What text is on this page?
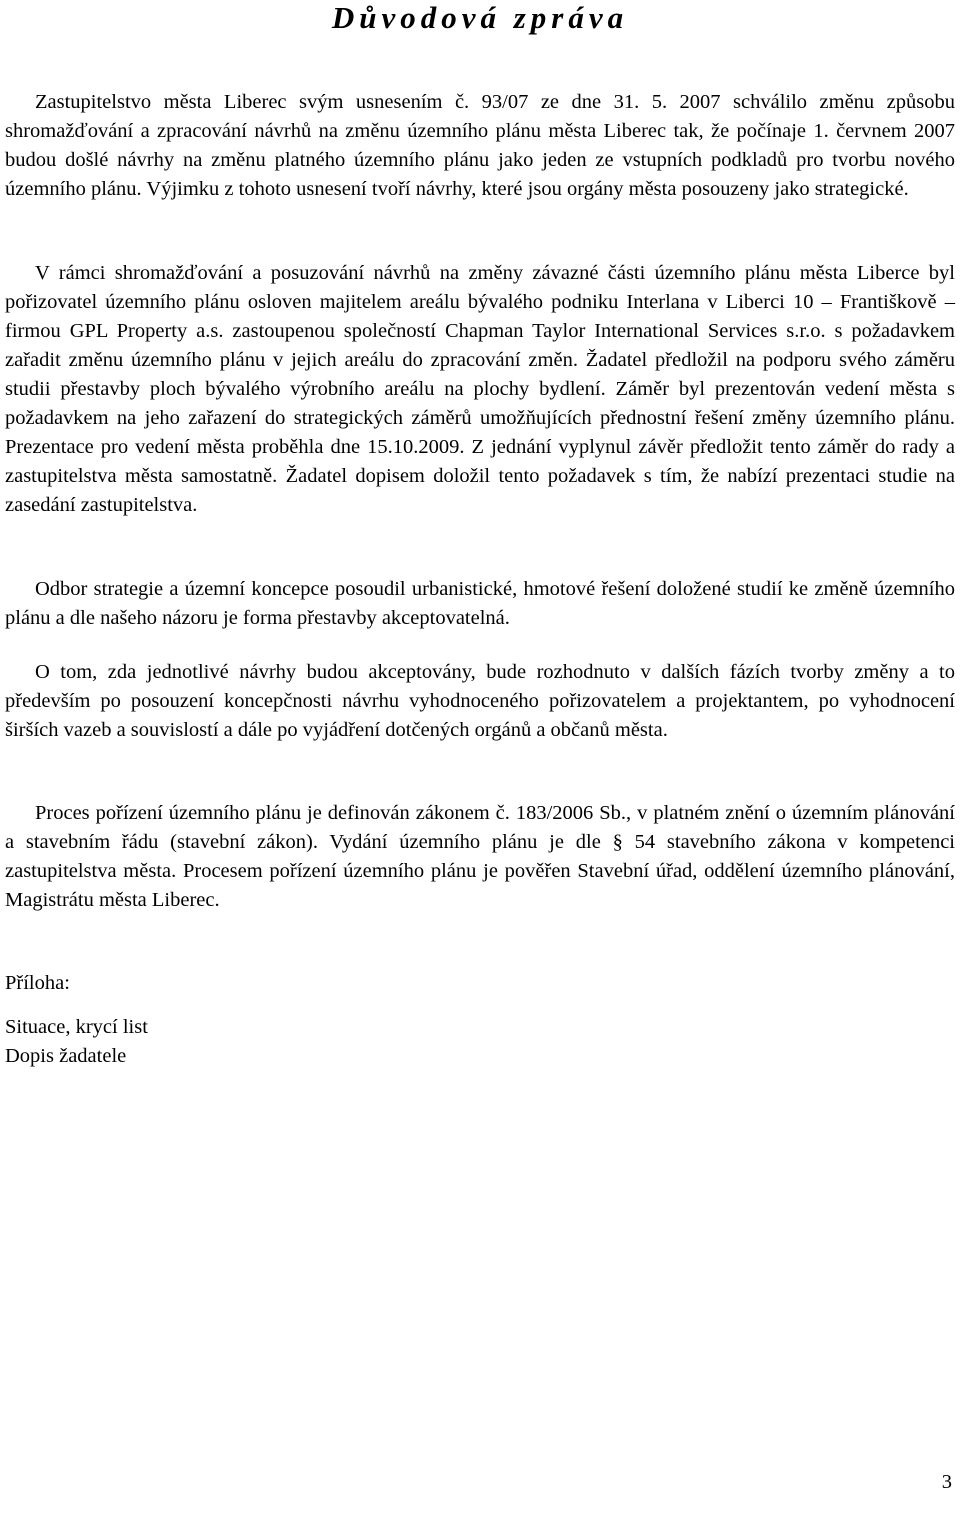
Důvodová zpráva

Zastupitelstvo města Liberec svým usnesením č. 93/07 ze dne 31. 5. 2007 schválilo změnu způsobu shromažďování a zpracování návrhů na změnu územního plánu města Liberec tak, že počínaje 1. červnem 2007 budou došlé návrhy na změnu platného územního plánu jako jeden ze vstupních podkladů pro tvorbu nového územního plánu. Výjimku z tohoto usnesení tvoří návrhy, které jsou orgány města posouzeny jako strategické.

V rámci shromažďování a posuzování návrhů na změny závazné části územního plánu města Liberce byl pořizovatel územního plánu osloven majitelem areálu bývalého podniku Interlana v Liberci 10 – Františkově – firmou GPL Property a.s. zastoupenou společností Chapman Taylor International Services s.r.o. s požadavkem zařadit změnu územního plánu v jejich areálu do zpracování změn. Žadatel předložil na podporu svého záměru studii přestavby ploch bývalého výrobního areálu na plochy bydlení. Záměr byl prezentován vedení města s požadavkem na jeho zařazení do strategických záměrů umožňujících přednostní řešení změny územního plánu. Prezentace pro vedení města proběhla dne 15.10.2009. Z jednání vyplynul závěr předložit tento záměr do rady a zastupitelstva města samostatně. Žadatel dopisem doložil tento požadavek s tím, že nabízí prezentaci studie na zasedání zastupitelstva.

Odbor strategie a územní koncepce posoudil urbanistické, hmotové řešení doložené studií ke změně územního plánu a dle našeho názoru je forma přestavby akceptovatelná.

O tom, zda jednotlivé návrhy budou akceptovány, bude rozhodnuto v dalších fázích tvorby změny a to především po posouzení koncepčnosti návrhu vyhodnoceného pořizovatelem a projektantem, po vyhodnocení širších vazeb a souvislostí a dále po vyjádření dotčených orgánů a občanů města.

Proces pořízení územního plánu je definován zákonem č. 183/2006 Sb., v platném znění o územním plánování a stavebním řádu (stavební zákon). Vydání územního plánu je dle § 54 stavebního zákona v kompetenci zastupitelstva města. Procesem pořízení územního plánu je pověřen Stavební úřad, oddělení územního plánování, Magistrátu města Liberec.

Příloha:

Situace, krycí list

Dopis žadatele

3
